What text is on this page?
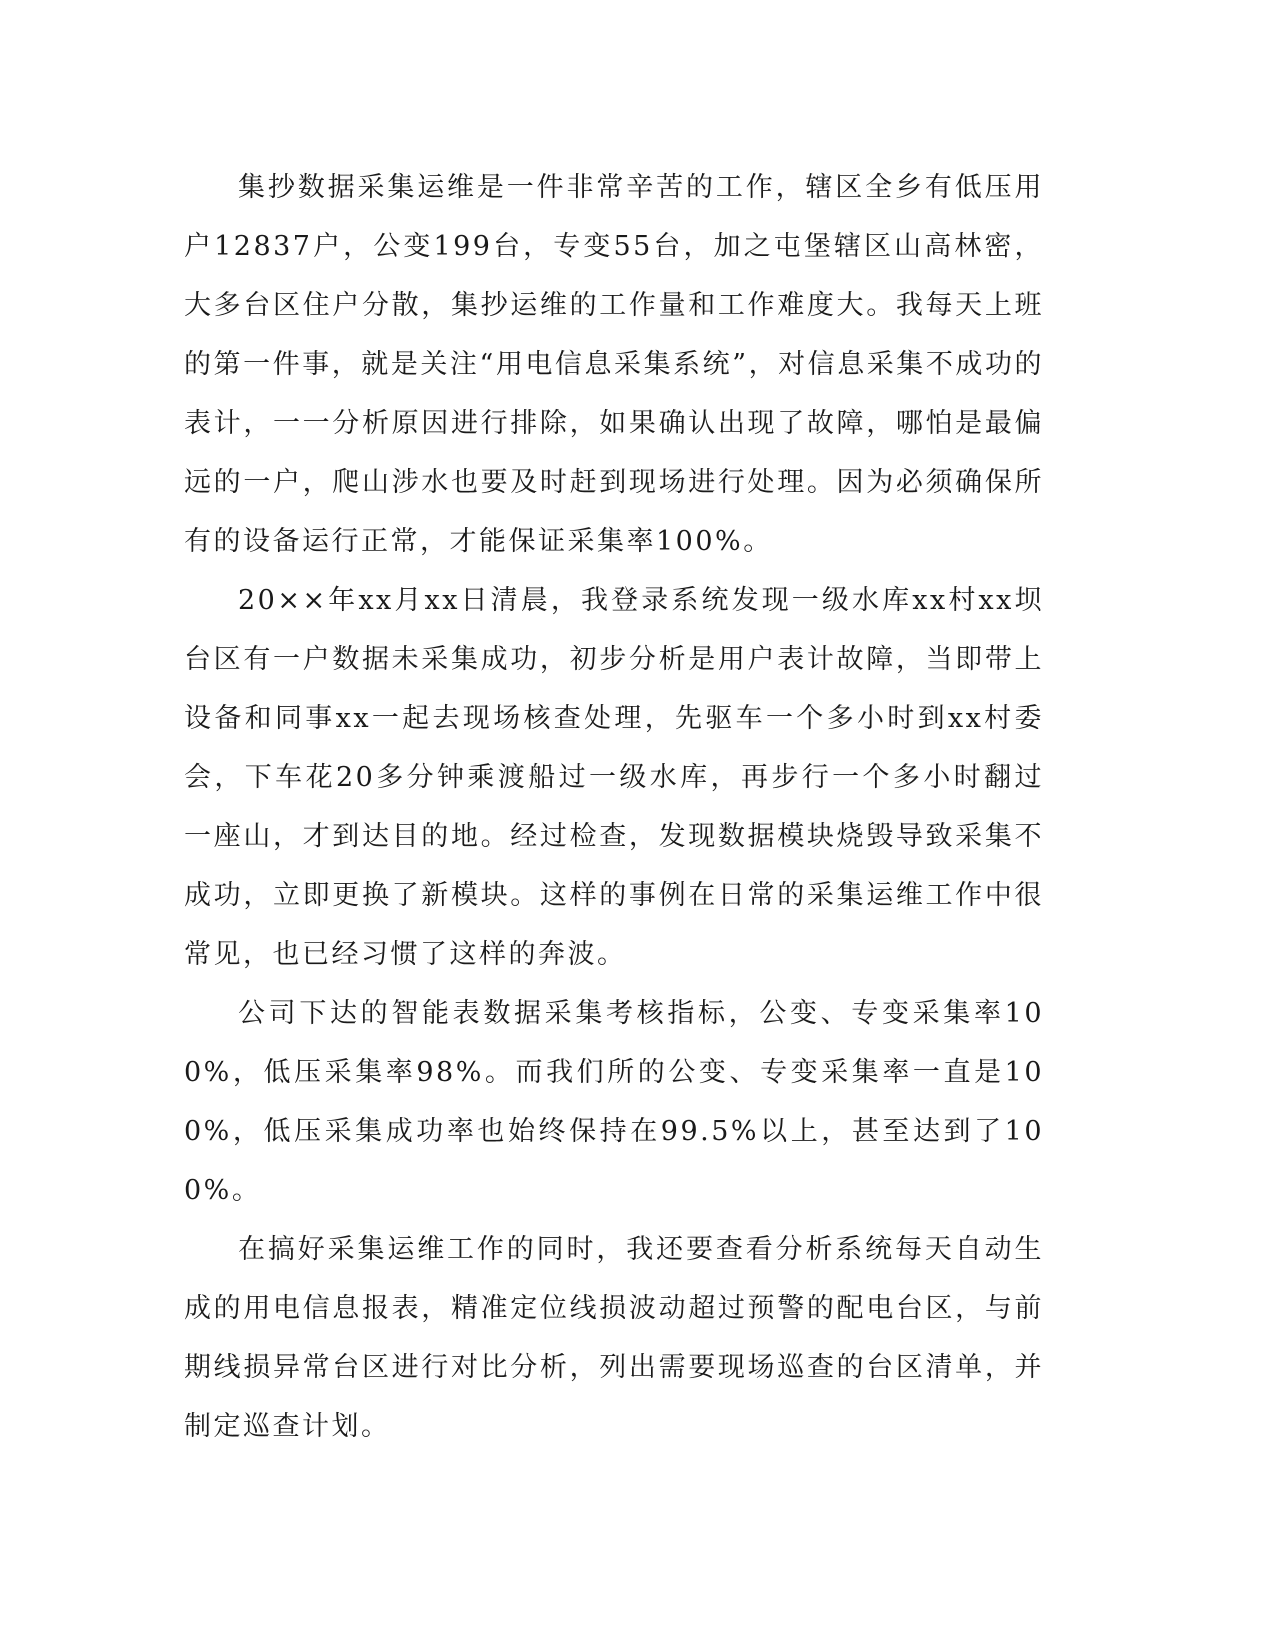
集抄数据采集运维是一件非常辛苦的工作，辖区全乡有低压用户12837户，公变199台，专变55台，加之屯堡辖区山高林密，大多台区住户分散，集抄运维的工作量和工作难度大。我每天上班的第一件事，就是关注“用电信息采集系统”，对信息采集不成功的表计，一一分析原因进行排除，如果确认出现了故障，哪怕是最偏远的一户，爬山涉水也要及时赶到现场进行处理。因为必须确保所有的设备运行正常，才能保证采集率100%。

20××年xx月xx日清晨，我登录系统发现一级水库xx村xx坝台区有一户数据未采集成功，初步分析是用户表计故障，当即带上设备和同事xx一起去现场核查处理，先驱车一个多小时到xx村委会，下车花20多分钟乘渡船过一级水库，再步行一个多小时翻过一座山，才到达目的地。经过检查，发现数据模块烧毁导致采集不成功，立即更换了新模块。这样的事例在日常的采集运维工作中很常见，也已经习惯了这样的奔波。

公司下达的智能表数据采集考核指标，公变、专变采集率100%，低压采集率98%。而我们所的公变、专变采集率一直是100%，低压采集成功率也始终保持在99.5%以上，甚至达到了100%。

在搞好采集运维工作的同时，我还要查看分析系统每天自动生成的用电信息报表，精准定位线损波动超过预警的配电台区，与前期线损异常台区进行对比分析，列出需要现场巡查的台区清单，并制定巡查计划。
